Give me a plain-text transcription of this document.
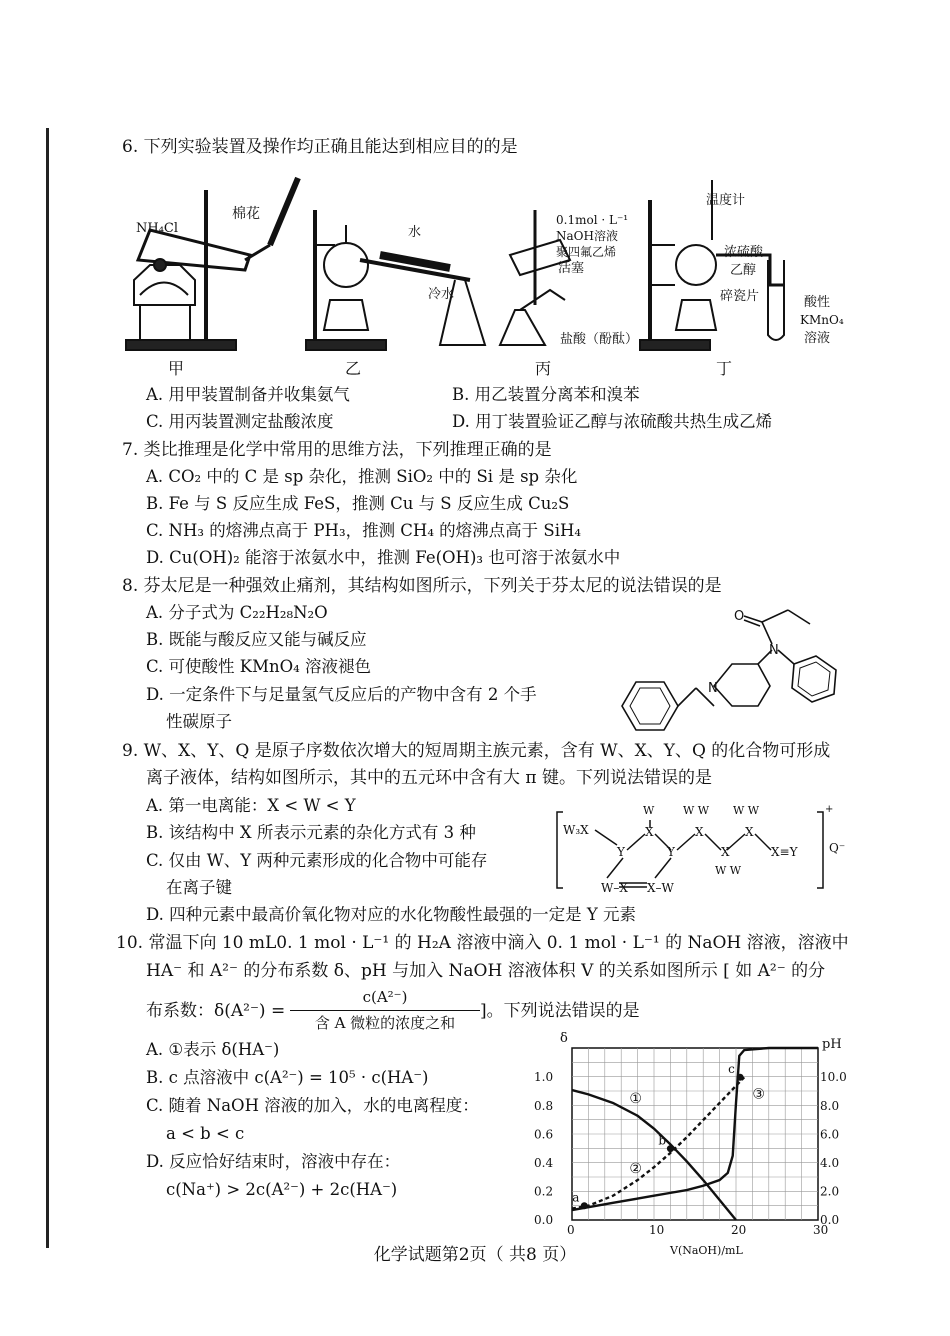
6. 下列实验装置及操作均正确且能达到相应目的的是
NH₄Cl
棉花
水
冷水
0.1mol · L⁻¹
NaOH溶液
聚四氟乙烯
活塞
盐酸（酚酞）
温度计
浓硫酸
乙醇
碎瓷片	酸性
KMnO₄
溶液
甲	乙	丙	丁
A. 用甲装置制备并收集氨气	B. 用乙装置分离苯和溴苯
C. 用丙装置测定盐酸浓度	D. 用丁装置验证乙醇与浓硫酸共热生成乙烯
7. 类比推理是化学中常用的思维方法，下列推理正确的是
A. CO₂ 中的 C 是 sp 杂化，推测 SiO₂ 中的 Si 是 sp 杂化
B. Fe 与 S 反应生成 FeS，推测 Cu 与 S 反应生成 Cu₂S
C. NH₃ 的熔沸点高于 PH₃，推测 CH₄ 的熔沸点高于 SiH₄
D. Cu(OH)₂ 能溶于浓氨水中，推测 Fe(OH)₃ 也可溶于浓氨水中
8. 芬太尼是一种强效止痛剂，其结构如图所示，下列关于芬太尼的说法错误的是
A. 分子式为 C₂₂H₂₈N₂O
B. 既能与酸反应又能与碱反应
C. 可使酸性 KMnO₄ 溶液褪色
D. 一定条件下与足量氢气反应后的产物中含有 2 个手
性碳原子
O
N
N
9. W、X、Y、Q 是原子序数依次增大的短周期主族元素，含有 W、X、Y、Q 的化合物可形成
离子液体，结构如图所示，其中的五元环中含有大 π 键。下列说法错误的是
A. 第一电离能：X < W < Y
B. 该结构中 X 所表示元素的杂化方式有 3 种
C. 仅由 W、Y 两种元素形成的化合物中可能存
在离子键
D. 四种元素中最高价氧化物对应的水化物酸性最强的一定是 Y 元素
W₃X
W
X
Y	Y
W W
X
X
W W
W W
X
X≡Y
W–X X–W
+
Q⁻
10. 常温下向 10 mL0. 1 mol · L⁻¹ 的 H₂A 溶液中滴入 0. 1 mol · L⁻¹ 的 NaOH 溶液，溶液中
HA⁻ 和 A²⁻ 的分布系数 δ、pH 与加入 NaOH 溶液体积 V 的关系如图所示 [ 如 A²⁻ 的分
布系数：δ(A²⁻) =
c(A²⁻)
含 A 微粒的浓度之和
]。下列说法错误的是
A. ①表示 δ(HA⁻)
B. c 点溶液中 c(A²⁻) = 10⁵ · c(HA⁻)
C. 随着 NaOH 溶液的加入，水的电离程度：
a < b < c
D. 反应恰好结束时，溶液中存在：
c(Na⁺) > 2c(A²⁻) + 2c(HA⁻)
①
②
③
a
b
c
0	10	20	30
0.0
0.2
0.4
0.6
0.8
1.0
0.0
2.0
4.0
6.0
8.0
10.0
δ	pH
V(NaOH)/mL
化学试题第2页（ 共8 页）
